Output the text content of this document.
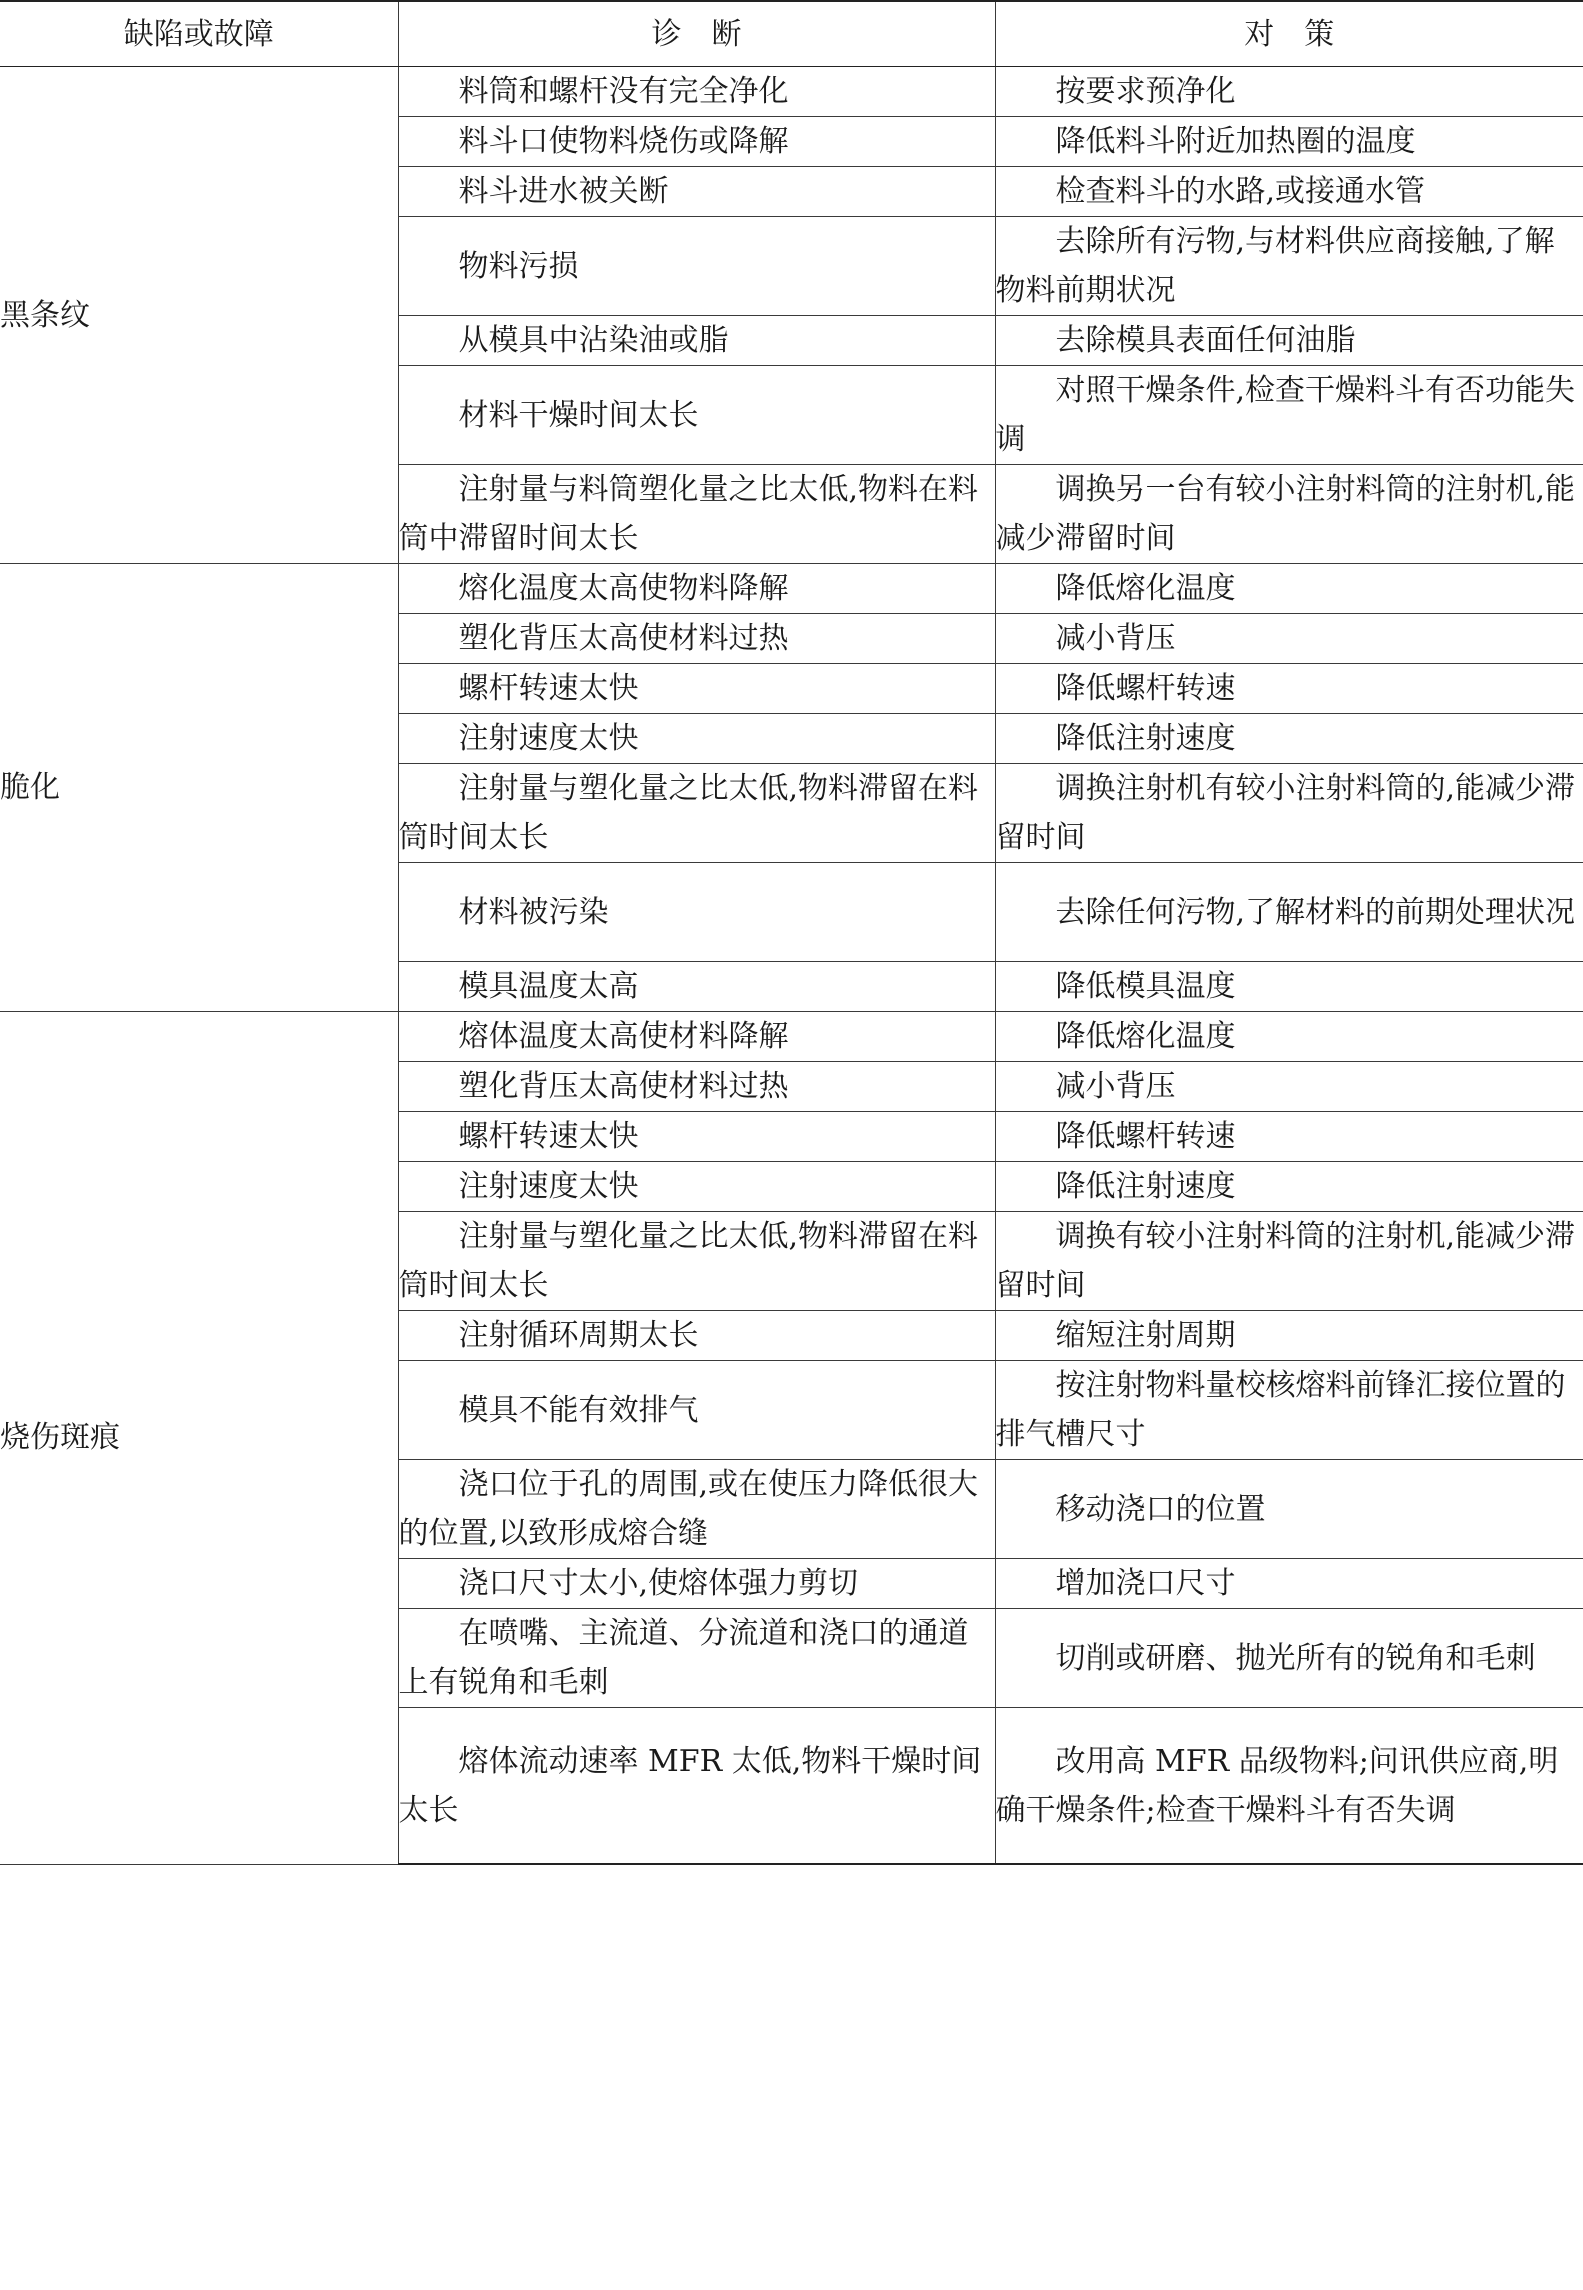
缺陷或故障	诊　断	对　策
黑条纹	料筒和螺杆没有完全净化	按要求预净化

	料斗口使物料烧伤或降解	降低料斗附近加热圈的温度

	料斗进水被关断	检查料斗的水路,或接通水管

	物料污损	去除所有污物,与材料供应商接触,了解物料前期状况

	从模具中沾染油或脂	去除模具表面任何油脂

	材料干燥时间太长	对照干燥条件,检查干燥料斗有否功能失调

	注射量与料筒塑化量之比太低,物料在料筒中滞留时间太长	调换另一台有较小注射料筒的注射机,能减少滞留时间

脆化	熔化温度太高使物料降解	降低熔化温度

	塑化背压太高使材料过热	减小背压

	螺杆转速太快	降低螺杆转速

	注射速度太快	降低注射速度

	注射量与塑化量之比太低,物料滞留在料筒时间太长	调换注射机有较小注射料筒的,能减少滞留时间

	材料被污染	去除任何污物,了解材料的前期处理状况

	模具温度太高	降低模具温度

烧伤斑痕	熔体温度太高使材料降解	降低熔化温度

	塑化背压太高使材料过热	减小背压

	螺杆转速太快	降低螺杆转速

	注射速度太快	降低注射速度

	注射量与塑化量之比太低,物料滞留在料筒时间太长	调换有较小注射料筒的注射机,能减少滞留时间

	注射循环周期太长	缩短注射周期

	模具不能有效排气	按注射物料量校核熔料前锋汇接位置的排气槽尺寸

	浇口位于孔的周围,或在使压力降低很大的位置,以致形成熔合缝	移动浇口的位置

	浇口尺寸太小,使熔体强力剪切	增加浇口尺寸

	在喷嘴、主流道、分流道和浇口的通道上有锐角和毛刺	切削或研磨、抛光所有的锐角和毛刺

	熔体流动速率 MFR 太低,物料干燥时间太长	改用高 MFR 品级物料;问讯供应商,明确干燥条件;检查干燥料斗有否失调
